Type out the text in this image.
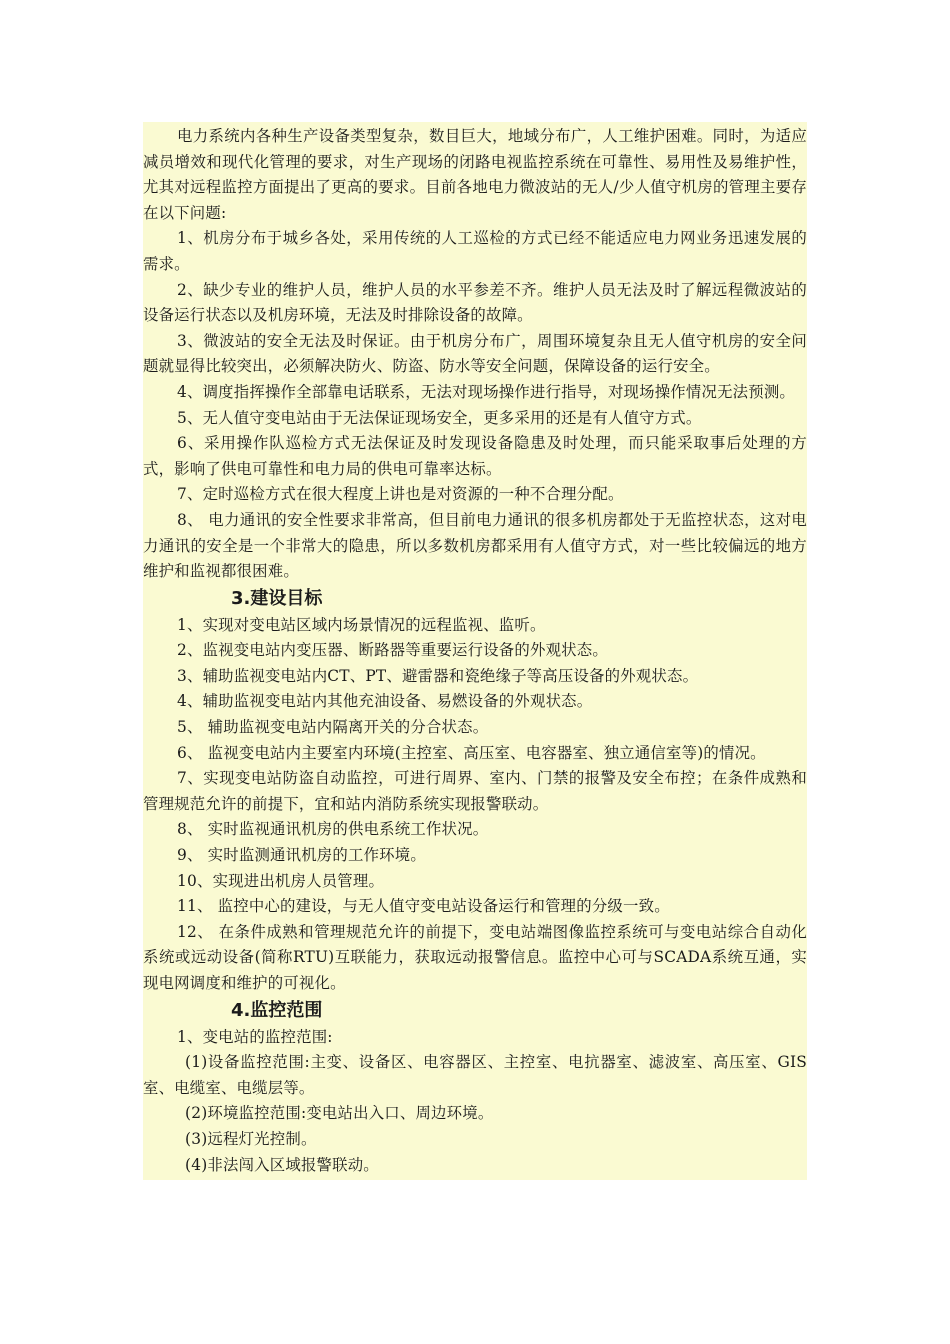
电力系统内各种生产设备类型复杂，数目巨大，地域分布广，人工维护困难。同时，为适应减员增效和现代化管理的要求，对生产现场的闭路电视监控系统在可靠性、易用性及易维护性，尤其对远程监控方面提出了更高的要求。目前各地电力微波站的无人/少人值守机房的管理主要存在以下问题:

1、机房分布于城乡各处，采用传统的人工巡检的方式已经不能适应电力网业务迅速发展的需求。

2、缺少专业的维护人员，维护人员的水平参差不齐。维护人员无法及时了解远程微波站的设备运行状态以及机房环境，无法及时排除设备的故障。

3、微波站的安全无法及时保证。由于机房分布广，周围环境复杂且无人值守机房的安全问题就显得比较突出，必须解决防火、防盗、防水等安全问题，保障设备的运行安全。

4、调度指挥操作全部靠电话联系，无法对现场操作进行指导，对现场操作情况无法预测。

5、无人值守变电站由于无法保证现场安全，更多采用的还是有人值守方式。

6、采用操作队巡检方式无法保证及时发现设备隐患及时处理，而只能采取事后处理的方式，影响了供电可靠性和电力局的供电可靠率达标。

7、定时巡检方式在很大程度上讲也是对资源的一种不合理分配。

8、 电力通讯的安全性要求非常高，但目前电力通讯的很多机房都处于无监控状态，这对电力通讯的安全是一个非常大的隐患，所以多数机房都采用有人值守方式，对一些比较偏远的地方维护和监视都很困难。

3.建设目标

1、实现对变电站区域内场景情况的远程监视、监听。

2、监视变电站内变压器、断路器等重要运行设备的外观状态。

3、辅助监视变电站内CT、PT、避雷器和瓷绝缘子等高压设备的外观状态。

4、辅助监视变电站内其他充油设备、易燃设备的外观状态。

5、 辅助监视变电站内隔离开关的分合状态。

6、 监视变电站内主要室内环境(主控室、高压室、电容器室、独立通信室等)的情况。

7、实现变电站防盗自动监控，可进行周界、室内、门禁的报警及安全布控；在条件成熟和管理规范允许的前提下，宜和站内消防系统实现报警联动。

8、 实时监视通讯机房的供电系统工作状况。

9、 实时监测通讯机房的工作环境。

10、实现进出机房人员管理。

11、 监控中心的建设，与无人值守变电站设备运行和管理的分级一致。

12、 在条件成熟和管理规范允许的前提下，变电站端图像监控系统可与变电站综合自动化系统或远动设备(简称RTU)互联能力，获取远动报警信息。监控中心可与SCADA系统互通，实现电网调度和维护的可视化。

4.监控范围

1、变电站的监控范围:

(1)设备监控范围:主变、设备区、电容器区、主控室、电抗器室、滤波室、高压室、GIS室、电缆室、电缆层等。

(2)环境监控范围:变电站出入口、周边环境。

(3)远程灯光控制。

(4)非法闯入区域报警联动。
